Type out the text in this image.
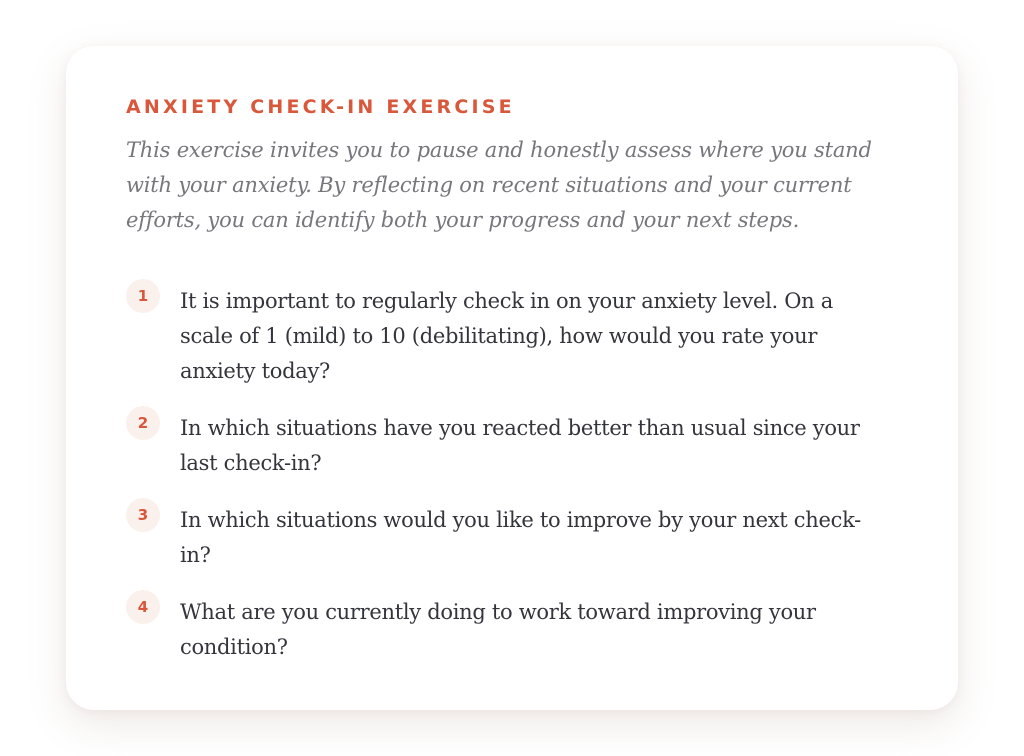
ANXIETY CHECK-IN EXERCISE

This exercise invites you to pause and honestly assess where you stand with your anxiety. By reflecting on recent situations and your current efforts, you can identify both your progress and your next steps.

1	It is important to regularly check in on your anxiety level. On a scale of 1 (mild) to 10 (debilitating), how would you rate your anxiety today?
2	In which situations have you reacted better than usual since your last check-in?
3	In which situations would you like to improve by your next check-in?
4	What are you currently doing to work toward improving your condition?
